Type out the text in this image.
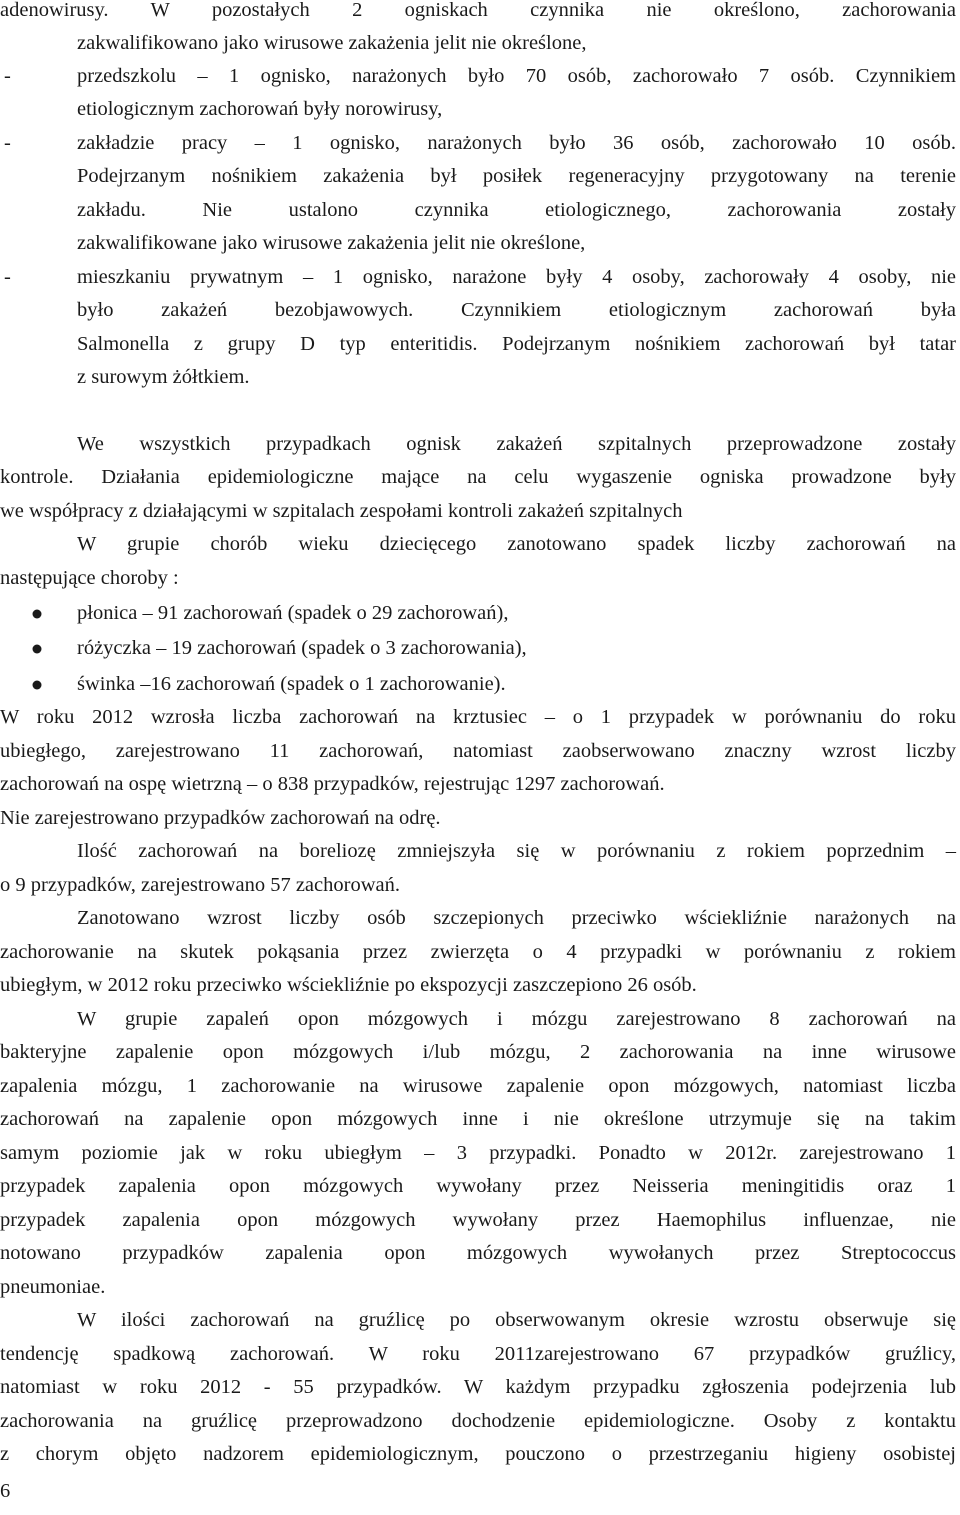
adenowirusy. W pozostałych 2 ogniskach czynnika nie określono, zachorowania
zakwalifikowano jako wirusowe zakażenia jelit nie określone,
przedszkolu – 1 ognisko, narażonych było 70 osób, zachorowało 7 osób. Czynnikiem
etiologicznym zachorowań były norowirusy,
zakładzie pracy – 1 ognisko, narażonych było 36 osób, zachorowało 10 osób.
Podejrzanym nośnikiem zakażenia był posiłek regeneracyjny przygotowany na terenie
zakładu. Nie ustalono czynnika etiologicznego, zachorowania zostały
zakwalifikowane jako wirusowe zakażenia jelit nie określone,
mieszkaniu prywatnym – 1 ognisko, narażone były 4 osoby, zachorowały 4 osoby, nie
było zakażeń bezobjawowych. Czynnikiem etiologicznym zachorowań była
Salmonella z grupy D typ enteritidis. Podejrzanym nośnikiem zachorowań był tatar
z surowym żółtkiem.
We wszystkich przypadkach ognisk zakażeń szpitalnych przeprowadzone zostały
kontrole. Działania epidemiologiczne mające na celu wygaszenie ogniska prowadzone były
we współpracy z działającymi w szpitalach zespołami kontroli zakażeń szpitalnych
W grupie chorób wieku dziecięcego zanotowano spadek liczby zachorowań na
następujące choroby :
płonica – 91 zachorowań (spadek o 29 zachorowań),
różyczka – 19 zachorowań (spadek o 3 zachorowania),
świnka –16 zachorowań (spadek o 1 zachorowanie).
W roku 2012 wzrosła liczba zachorowań na krztusiec – o 1 przypadek w porównaniu do roku
ubiegłego, zarejestrowano 11 zachorowań, natomiast zaobserwowano znaczny wzrost liczby
zachorowań na ospę wietrzną – o 838 przypadków, rejestrując 1297 zachorowań.
Nie zarejestrowano przypadków zachorowań na odrę.
Ilość zachorowań na boreliozę zmniejszyła się w porównaniu z rokiem poprzednim –
o 9 przypadków, zarejestrowano 57 zachorowań.
Zanotowano wzrost liczby osób szczepionych przeciwko wściekliźnie narażonych na
zachorowanie na skutek pokąsania przez zwierzęta o 4 przypadki w porównaniu z rokiem
ubiegłym, w 2012 roku przeciwko wściekliźnie po ekspozycji zaszczepiono 26 osób.
W grupie zapaleń opon mózgowych i mózgu zarejestrowano 8 zachorowań na
bakteryjne zapalenie opon mózgowych i/lub mózgu, 2 zachorowania na inne wirusowe
zapalenia mózgu, 1 zachorowanie na wirusowe zapalenie opon mózgowych, natomiast liczba
zachorowań na zapalenie opon mózgowych inne i nie określone utrzymuje się na takim
samym poziomie jak w roku ubiegłym – 3 przypadki. Ponadto w 2012r. zarejestrowano 1
przypadek zapalenia opon mózgowych wywołany przez Neisseria meningitidis oraz 1
przypadek zapalenia opon mózgowych wywołany przez Haemophilus influenzae, nie
notowano przypadków zapalenia opon mózgowych wywołanych przez Streptococcus
pneumoniae.
W ilości zachorowań na gruźlicę po obserwowanym okresie wzrostu obserwuje się
tendencję spadkową zachorowań. W roku 2011zarejestrowano 67 przypadków gruźlicy,
natomiast w roku 2012 - 55 przypadków. W każdym przypadku zgłoszenia podejrzenia lub
zachorowania na gruźlicę przeprowadzono dochodzenie epidemiologiczne. Osoby z kontaktu
z chorym objęto nadzorem epidemiologicznym, pouczono o przestrzeganiu higieny osobistej
-
-
-
6
